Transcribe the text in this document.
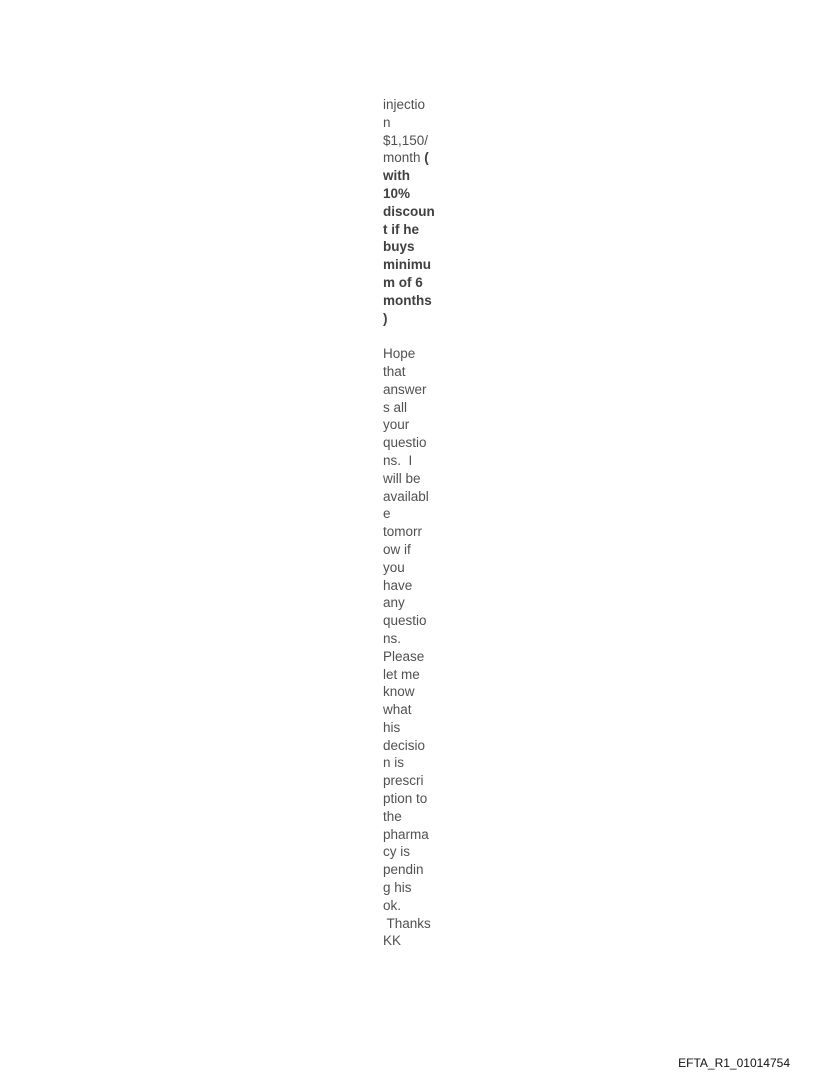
injectio
n
$1,150/
month (
with
10%
discoun
t if he
buys
minimu
m of 6
months
)
Hope
that
answer
s all
your
questio
ns.  I
will be
availabl
e
tomorr
ow if
you
have
any
questio
ns.
Please
let me
know
what
his
decisio
n is
prescri
ption to
the
pharma
cy is
pendin
g his
ok.
Thanks
KK
EFTA_R1_01014754
